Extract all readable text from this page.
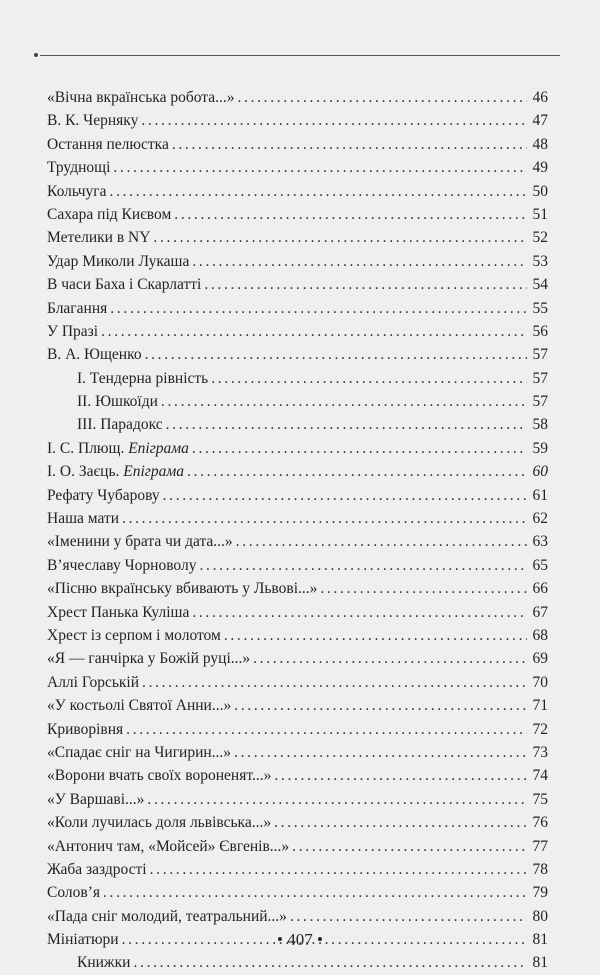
«Вічна вкраїнська робота...» . . .	46
В. К. Черняку . . .	47
Остання пелюстка . . .	48
Труднощі . . .	49
Кольчуга . . .	50
Сахара під Києвом . . .	51
Метелики в NY . . .	52
Удар Миколи Лукаша . . .	53
В часи Баха і Скарлатті . . .	54
Благання . . .	55
У Празі . . .	56
В. А. Ющенко . . .	57
І. Тендерна рівність . . .	57
ІІ. Юшкоїди . . .	57
ІІІ. Парадокс . . .	58
І. С. Плющ. Епіграма . . .	59
І. О. Заєць. Епіграма . . .	60
Рефату Чубарову . . .	61
Наша мати . . .	62
«Іменини у брата чи дата...» . . .	63
В’ячеславу Чорноволу . . .	65
«Пісню вкраїнську вбивають у Львові...» . . .	66
Хрест Панька Куліша . . .	67
Хрест із серпом і молотом . . .	68
«Я — ганчірка у Божій руці...» . . .	69
Аллі Горській . . .	70
«У костьолі Святої Анни...» . . .	71
Криворівня . . .	72
«Спадає сніг на Чигирин...» . . .	73
«Ворони вчать своїх вороненят...» . . .	74
«У Варшаві...» . . .	75
«Коли лучилась доля львівська...» . . .	76
«Антонич там, «Мойсей» Євгенів...» . . .	77
Жаба заздрості . . .	78
Солов’я . . .	79
«Пада сніг молодий, театральний...» . . .	80
Мініатюри . . .	81
Книжки . . .	81
• 407 •
